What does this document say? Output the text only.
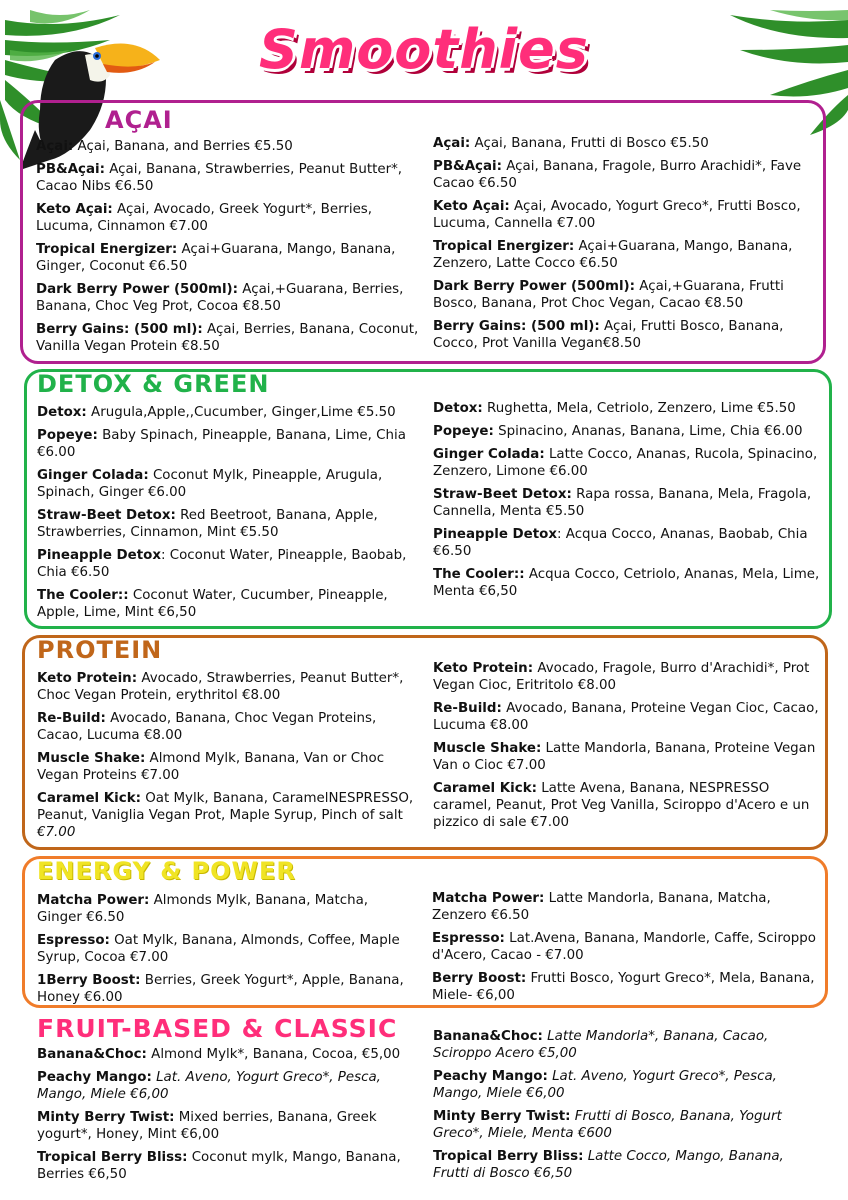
Smoothies
AÇAI
Açai: Açai, Banana, and Berries €5.50
PB&Açai: Açai, Banana, Strawberries, Peanut Butter*, Cacao Nibs €6.50
Keto Açai: Açai, Avocado, Greek Yogurt*, Berries, Lucuma, Cinnamon €7.00
Tropical Energizer: Açai+Guarana, Mango, Banana, Ginger, Coconut €6.50
Dark Berry Power (500ml): Açai,+Guarana, Berries, Banana, Choc Veg Prot, Cocoa €8.50
Berry Gains: (500 ml): Açai, Berries, Banana, Coconut, Vanilla Vegan Protein €8.50
Açai: Açai, Banana, Frutti di Bosco €5.50
PB&Açai: Açai, Banana, Fragole, Burro Arachidi*, Fave Cacao €6.50
Keto Açai: Açai, Avocado, Yogurt Greco*, Frutti Bosco, Lucuma, Cannella €7.00
Tropical Energizer: Açai+Guarana, Mango, Banana, Zenzero, Latte Cocco €6.50
Dark Berry Power (500ml): Açai,+Guarana, Frutti Bosco, Banana, Prot Choc Vegan, Cacao €8.50
Berry Gains: (500 ml): Açai, Frutti Bosco, Banana, Cocco, Prot Vanilla Vegan€8.50
DETOX & GREEN
Detox: Arugula,Apple,,Cucumber, Ginger,Lime €5.50
Popeye: Baby Spinach, Pineapple, Banana, Lime, Chia €6.00
Ginger Colada: Coconut Mylk, Pineapple, Arugula, Spinach, Ginger €6.00
Straw-Beet Detox: Red Beetroot, Banana, Apple, Strawberries, Cinnamon, Mint €5.50
Pineapple Detox: Coconut Water, Pineapple, Baobab, Chia €6.50
The Cooler:: Coconut Water, Cucumber, Pineapple, Apple, Lime, Mint €6,50
Detox: Rughetta, Mela, Cetriolo, Zenzero, Lime €5.50
Popeye: Spinacino, Ananas, Banana, Lime, Chia €6.00
Ginger Colada: Latte Cocco, Ananas, Rucola, Spinacino, Zenzero, Limone €6.00
Straw-Beet Detox: Rapa rossa, Banana, Mela, Fragola, Cannella, Menta €5.50
Pineapple Detox: Acqua Cocco, Ananas, Baobab, Chia €6.50
The Cooler:: Acqua Cocco, Cetriolo, Ananas, Mela, Lime, Menta €6,50
PROTEIN
Keto Protein: Avocado, Strawberries, Peanut Butter*, Choc Vegan Protein, erythritol €8.00
Re-Build: Avocado, Banana, Choc Vegan Proteins, Cacao, Lucuma €8.00
Muscle Shake: Almond Mylk, Banana, Van or Choc Vegan Proteins €7.00
Caramel Kick: Oat Mylk, Banana, CaramelNESPRESSO, Peanut, Vaniglia Vegan Prot, Maple Syrup, Pinch of salt €7.00
Keto Protein: Avocado, Fragole, Burro d'Arachidi*, Prot Vegan Cioc, Eritritolo €8.00
Re-Build: Avocado, Banana, Proteine Vegan Cioc, Cacao, Lucuma €8.00
Muscle Shake: Latte Mandorla, Banana, Proteine Vegan Van o Cioc €7.00
Caramel Kick: Latte Avena, Banana, NESPRESSO caramel, Peanut, Prot Veg Vanilla, Sciroppo d'Acero e un pizzico di sale €7.00
ENERGY & POWER
Matcha Power: Almonds Mylk, Banana, Matcha, Ginger €6.50
Espresso: Oat Mylk, Banana, Almonds, Coffee, Maple Syrup, Cocoa €7.00
1Berry Boost: Berries, Greek Yogurt*, Apple, Banana, Honey €6.00
Matcha Power: Latte Mandorla, Banana, Matcha, Zenzero €6.50
Espresso: Lat.Avena, Banana, Mandorle, Caffe, Sciroppo d'Acero, Cacao - €7.00
Berry Boost: Frutti Bosco, Yogurt Greco*, Mela, Banana, Miele- €6,00
FRUIT-BASED & CLASSIC
Banana&Choc: Almond Mylk*, Banana, Cocoa, €5,00
Peachy Mango: Lat. Aveno, Yogurt Greco*, Pesca, Mango, Miele €6,00
Minty Berry Twist: Mixed berries, Banana, Greek yogurt*, Honey, Mint €6,00
Tropical Berry Bliss: Coconut mylk, Mango, Banana, Berries €6,50
Banana&Choc: Latte Mandorla*, Banana, Cacao, Sciroppo Acero €5,00
Peachy Mango: Lat. Aveno, Yogurt Greco*, Pesca, Mango, Miele €6,00
Minty Berry Twist: Frutti di Bosco, Banana, Yogurt Greco*, Miele, Menta €600
Tropical Berry Bliss: Latte Cocco, Mango, Banana, Frutti di Bosco €6,50
